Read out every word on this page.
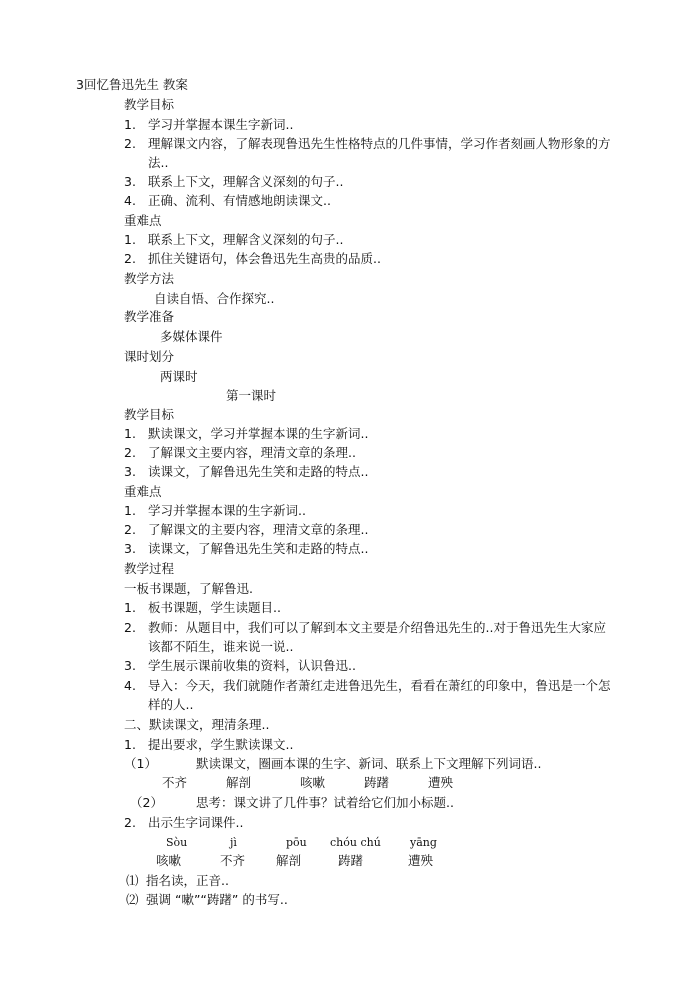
3回忆鲁迅先生 教案
教学目标
1. 学习并掌握本课生字新词..
2. 理解课文内容，了解表现鲁迅先生性格特点的几件事情，学习作者刻画人物形象的方
法..
3. 联系上下文，理解含义深刻的句子..
4. 正确、流利、有情感地朗读课文..
重难点
1. 联系上下文，理解含义深刻的句子..
2. 抓住关键语句，体会鲁迅先生高贵的品质..
教学方法
自读自悟、合作探究..
教学准备
多媒体课件
课时划分
两课时
第一课时
教学目标
1. 默读课文，学习并掌握本课的生字新词..
2. 了解课文主要内容，理清文章的条理..
3. 读课文，了解鲁迅先生笑和走路的特点..
重难点
1. 学习并掌握本课的生字新词..
2. 了解课文的主要内容，理清文章的条理..
3. 读课文，了解鲁迅先生笑和走路的特点..
教学过程
一板书课题，了解鲁迅.
1. 板书课题，学生读题目..
2. 教师：从题目中，我们可以了解到本文主要是介绍鲁迅先生的..对于鲁迅先生大家应
该都不陌生，谁来说一说..
3. 学生展示课前收集的资料，认识鲁迅..
4. 导入：今天，我们就随作者萧红走进鲁迅先生，看看在萧红的印象中，鲁迅是一个怎
样的人..
二、默读课文，理清条理..
1. 提出要求，学生默读课文..
（1）	默读课文，圈画本课的生字、新词、联系上下文理解下列词语..
不齐	解剖	咳嗽	踌躇	遭殃
（2）	思考：课文讲了几件事？试着给它们加小标题..
2. 出示生字词课件..
Sòu	jì	pōu chóu chú	yāng
咳嗽	不齐 解剖	踌躇	遭殃
⑴ 指名读，正音..
⑵ 强调 “嗽”“踌躇” 的书写..
